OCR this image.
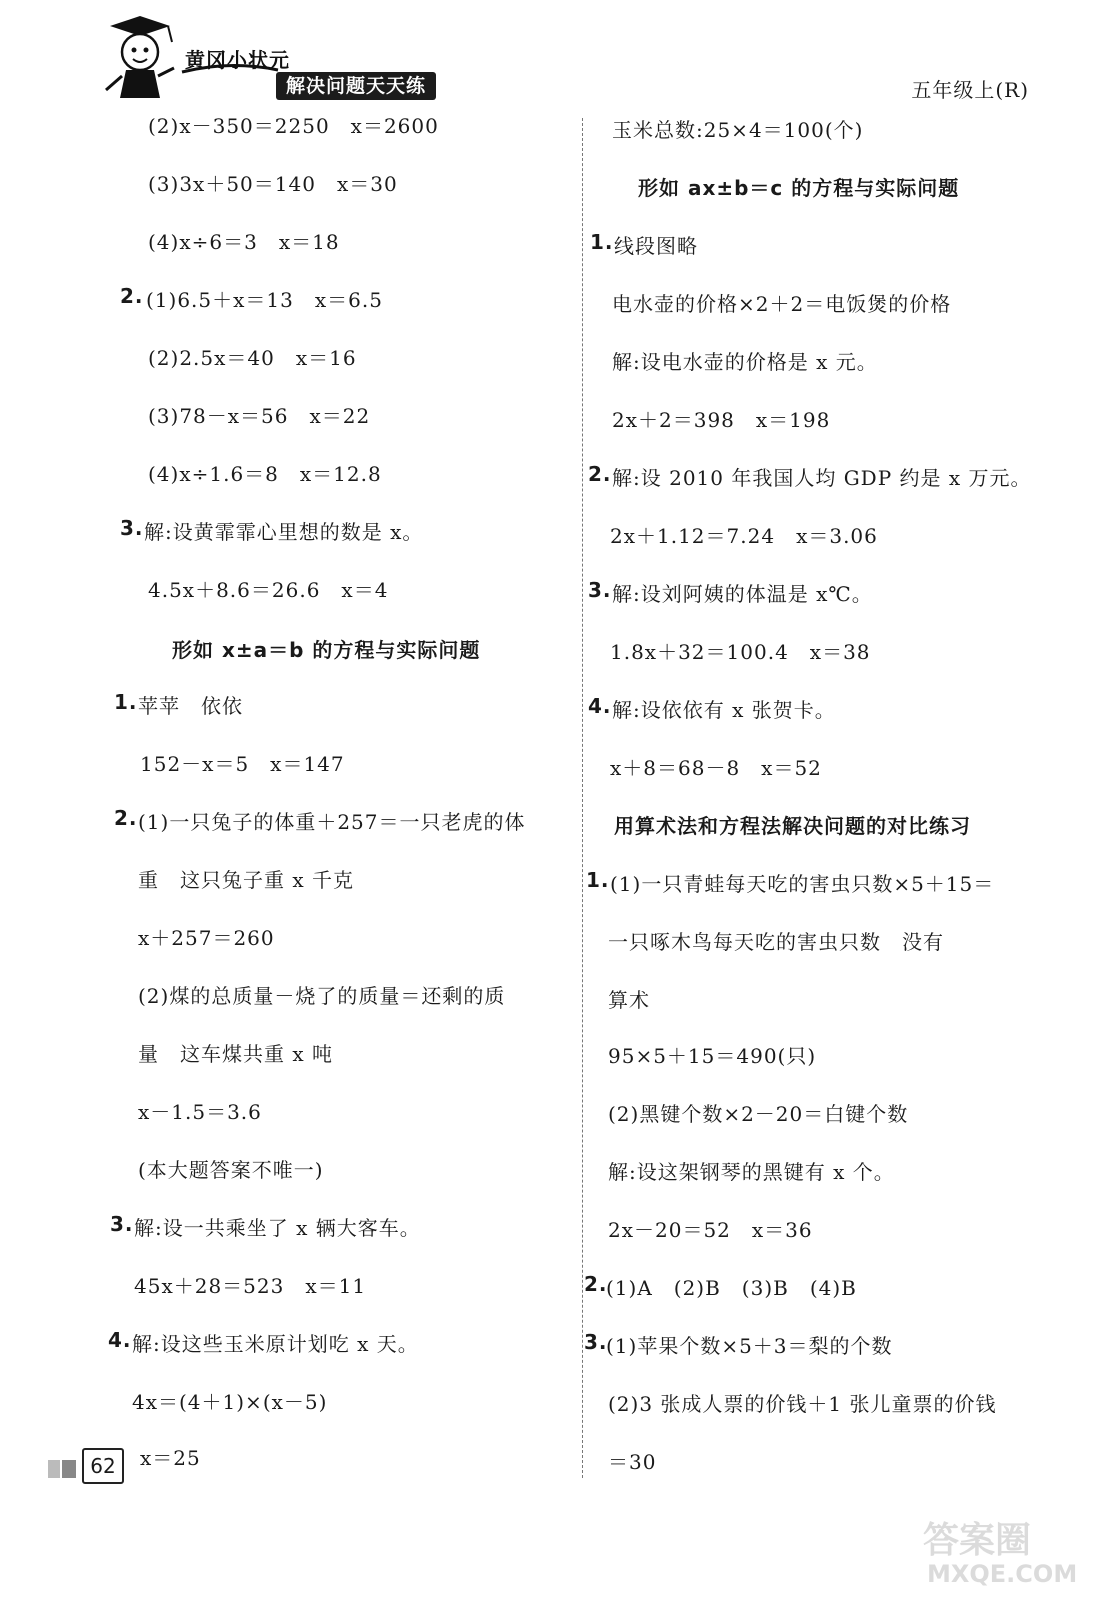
黄冈小状元
解决问题天天练	五年级上(R)
(2)x－350＝2250　x＝2600
(3)3x＋50＝140　x＝30
(4)x÷6＝3　x＝18
2. (1)6.5＋x＝13　x＝6.5
(2)2.5x＝40　x＝16
(3)78－x＝56　x＝22
(4)x÷1.6＝8　x＝12.8
3. 解:设黄霏霏心里想的数是 x。
4.5x＋8.6＝26.6　x＝4
形如 x±a＝b 的方程与实际问题
1. 苹苹　依依
152－x＝5　x＝147
2. (1)一只兔子的体重＋257＝一只老虎的体
重　这只兔子重 x 千克
x＋257＝260
(2)煤的总质量－烧了的质量＝还剩的质
量　这车煤共重 x 吨
x－1.5＝3.6
(本大题答案不唯一)
3. 解:设一共乘坐了 x 辆大客车。
45x＋28＝523　x＝11
4. 解:设这些玉米原计划吃 x 天。
4x＝(4＋1)×(x－5)
x＝25
玉米总数:25×4＝100(个)
形如 ax±b＝c 的方程与实际问题
1. 线段图略
电水壶的价格×2＋2＝电饭煲的价格
解:设电水壶的价格是 x 元。
2x＋2＝398　x＝198
2. 解:设 2010 年我国人均 GDP 约是 x 万元。
2x＋1.12＝7.24　x＝3.06
3. 解:设刘阿姨的体温是 x℃。
1.8x＋32＝100.4　x＝38
4. 解:设依依有 x 张贺卡。
x＋8＝68－8　x＝52
用算术法和方程法解决问题的对比练习
1. (1)一只青蛙每天吃的害虫只数×5＋15＝
一只啄木鸟每天吃的害虫只数　没有
算术
95×5＋15＝490(只)
(2)黑键个数×2－20＝白键个数
解:设这架钢琴的黑键有 x 个。
2x－20＝52　x＝36
2.
(1)A　(2)B　(3)B　(4)B
3.
(1)苹果个数×5＋3＝梨的个数
(2)3 张成人票的价钱＋1 张儿童票的价钱
＝30
62
答案圈
MXQE.COM
